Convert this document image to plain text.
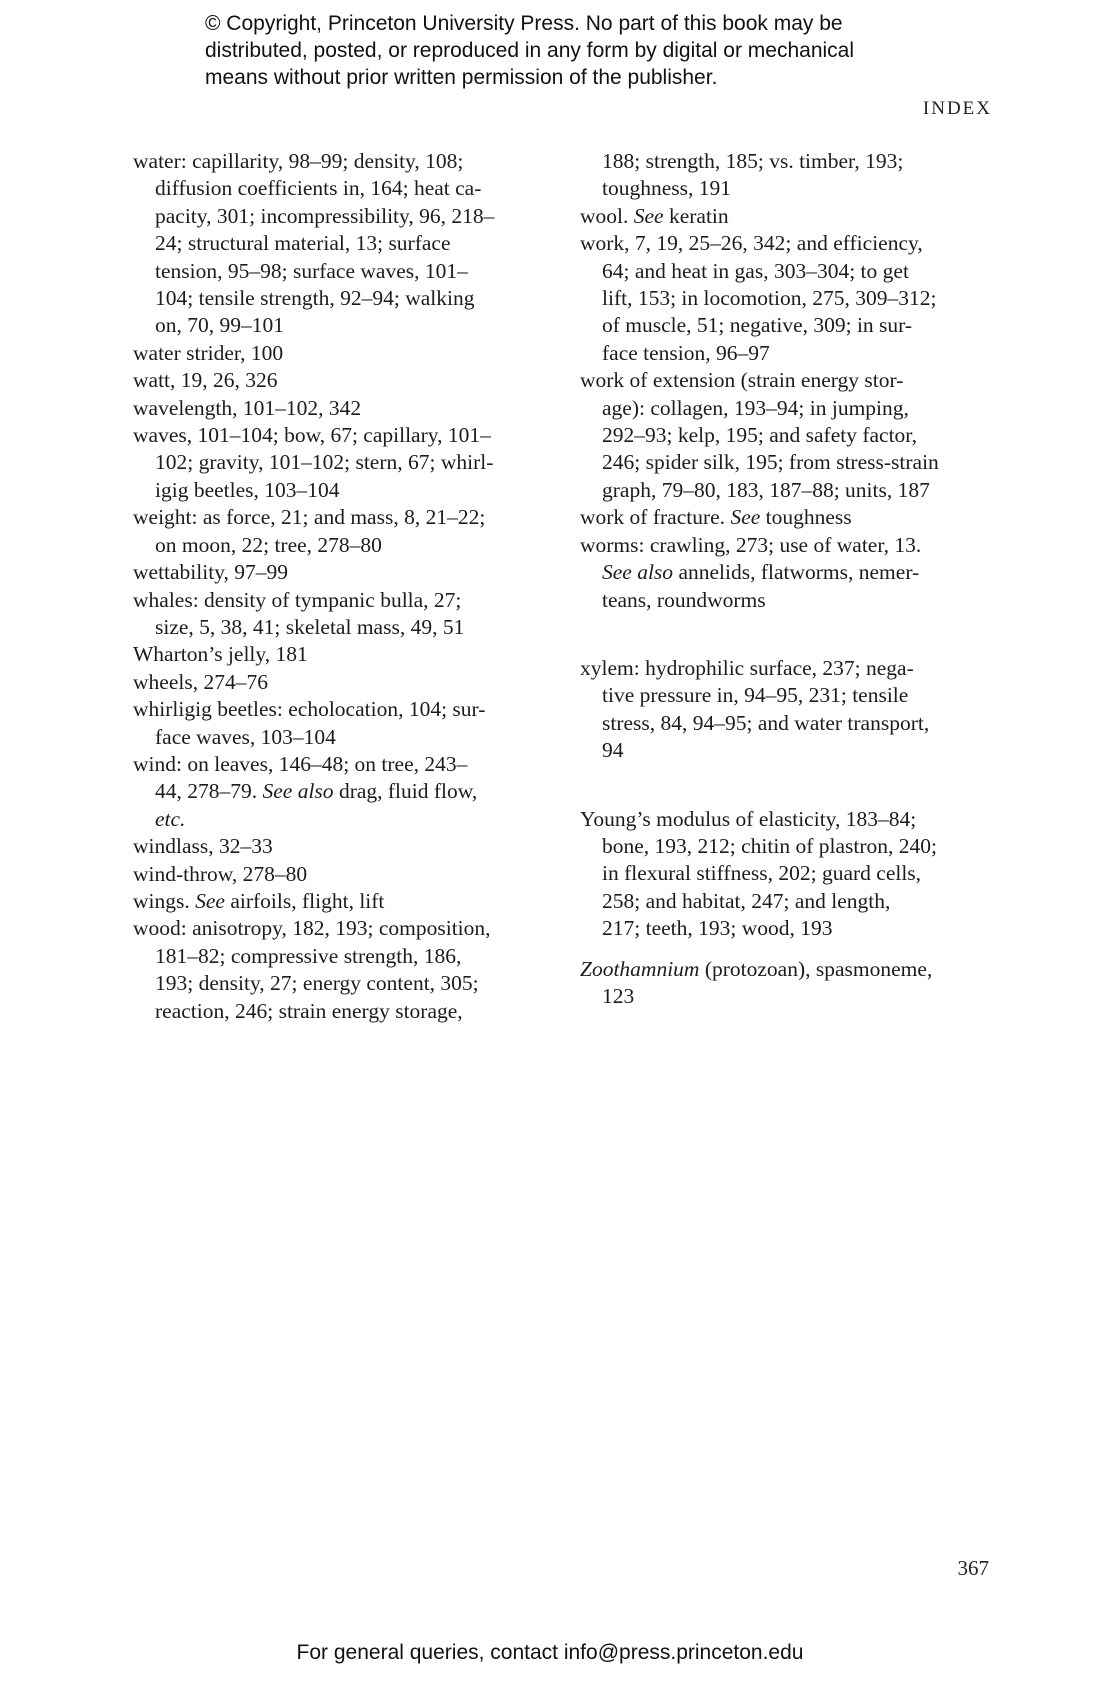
© Copyright, Princeton University Press. No part of this book may be
distributed, posted, or reproduced in any form by digital or mechanical
means without prior written permission of the publisher.
INDEX
water: capillarity, 98–99; density, 108;
diffusion coefficients in, 164; heat ca-
pacity, 301; incompressibility, 96, 218–
24; structural material, 13; surface
tension, 95–98; surface waves, 101–
104; tensile strength, 92–94; walking
on, 70, 99–101
water strider, 100
watt, 19, 26, 326
wavelength, 101–102, 342
waves, 101–104; bow, 67; capillary, 101–
102; gravity, 101–102; stern, 67; whirl-
igig beetles, 103–104
weight: as force, 21; and mass, 8, 21–22;
on moon, 22; tree, 278–80
wettability, 97–99
whales: density of tympanic bulla, 27;
size, 5, 38, 41; skeletal mass, 49, 51
Wharton’s jelly, 181
wheels, 274–76
whirligig beetles: echolocation, 104; sur-
face waves, 103–104
wind: on leaves, 146–48; on tree, 243–
44, 278–79. See also drag, fluid flow,
etc.
windlass, 32–33
wind-throw, 278–80
wings. See airfoils, flight, lift
wood: anisotropy, 182, 193; composition,
181–82; compressive strength, 186,
193; density, 27; energy content, 305;
reaction, 246; strain energy storage,
188; strength, 185; vs. timber, 193;
toughness, 191
wool. See keratin
work, 7, 19, 25–26, 342; and efficiency,
64; and heat in gas, 303–304; to get
lift, 153; in locomotion, 275, 309–312;
of muscle, 51; negative, 309; in sur-
face tension, 96–97
work of extension (strain energy stor-
age): collagen, 193–94; in jumping,
292–93; kelp, 195; and safety factor,
246; spider silk, 195; from stress-strain
graph, 79–80, 183, 187–88; units, 187
work of fracture. See toughness
worms: crawling, 273; use of water, 13.
See also annelids, flatworms, nemer-
teans, roundworms
xylem: hydrophilic surface, 237; nega-
tive pressure in, 94–95, 231; tensile
stress, 84, 94–95; and water transport,
94
Young’s modulus of elasticity, 183–84;
bone, 193, 212; chitin of plastron, 240;
in flexural stiffness, 202; guard cells,
258; and habitat, 247; and length,
217; teeth, 193; wood, 193
Zoothamnium (protozoan), spasmoneme,
123
367
For general queries, contact info@press.princeton.edu
